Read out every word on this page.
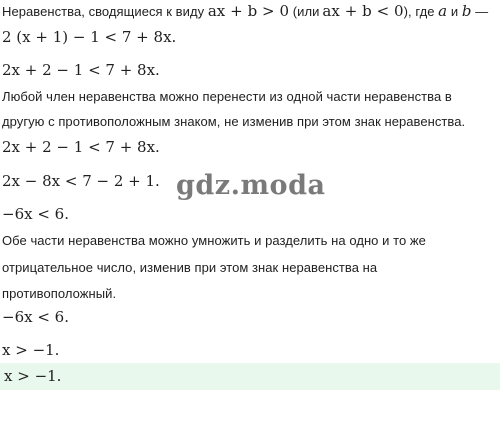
Неравенства, сводящиеся к виду ax + b > 0 (или ax + b < 0), где a и b —
2 (x + 1) − 1 < 7 + 8x.
2x + 2 − 1 < 7 + 8x.
Любой член неравенства можно перенести из одной части неравенства в
другую с противоположным знаком, не изменив при этом знак неравенства.
2x + 2 − 1 < 7 + 8x.
2x − 8x < 7 − 2 + 1. gdz.moda
−6x < 6.
Обе части неравенства можно умножить и разделить на одно и то же
отрицательное число, изменив при этом знак неравенства на
противоположный.
−6x < 6.
x > −1.
x > −1.
